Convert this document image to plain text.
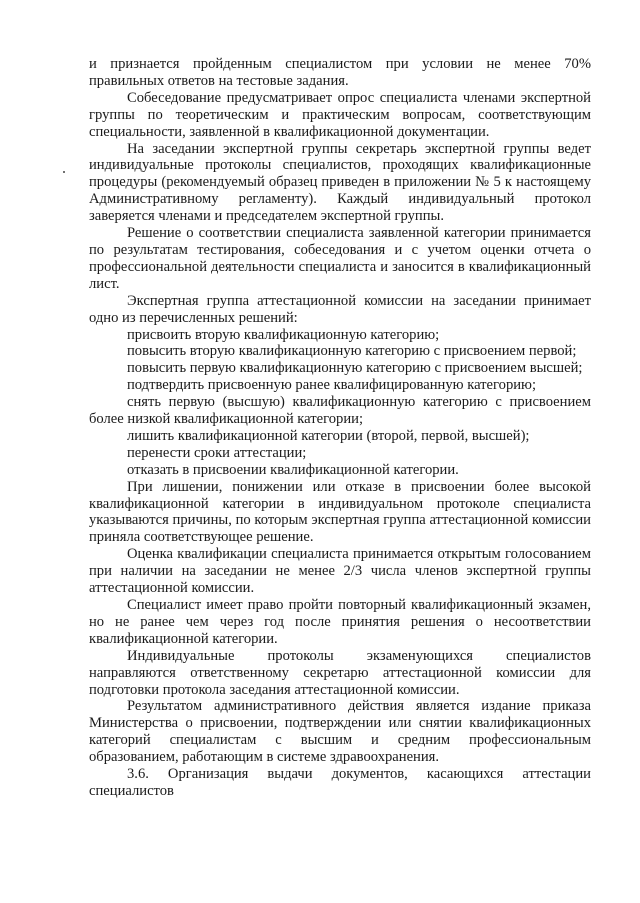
и признается пройденным специалистом при условии не менее 70% правильных ответов на тестовые задания.

Собеседование предусматривает опрос специалиста членами экспертной группы по теоретическим и практическим вопросам, соответствующим специальности, заявленной в квалификационной документации.

На заседании экспертной группы секретарь экспертной группы ведет индивидуальные протоколы специалистов, проходящих квалификационные процедуры (рекомендуемый образец приведен в приложении № 5 к настоящему Административному регламенту). Каждый индивидуальный протокол заверяется членами и председателем экспертной группы.

Решение о соответствии специалиста заявленной категории принимается по результатам тестирования, собеседования и с учетом оценки отчета о профессиональной деятельности специалиста и заносится в квалификационный лист.

Экспертная группа аттестационной комиссии на заседании принимает одно из перечисленных решений:

присвоить вторую квалификационную категорию;

повысить вторую квалификационную категорию с присвоением первой;

повысить первую квалификационную категорию с присвоением высшей;

подтвердить присвоенную ранее квалифицированную категорию;

снять первую (высшую) квалификационную категорию с присвоением более низкой квалификационной категории;

лишить квалификационной категории (второй, первой, высшей);

перенести сроки аттестации;

отказать в присвоении квалификационной категории.

При лишении, понижении или отказе в присвоении более высокой квалификационной категории в индивидуальном протоколе специалиста указываются причины, по которым экспертная группа аттестационной комиссии приняла соответствующее решение.

Оценка квалификации специалиста принимается открытым голосованием при наличии на заседании не менее 2/3 числа членов экспертной группы аттестационной комиссии.

Специалист имеет право пройти повторный квалификационный экзамен, но не ранее чем через год после принятия решения о несоответствии квалификационной категории.

Индивидуальные протоколы экзаменующихся специалистов направляются ответственному секретарю аттестационной комиссии для подготовки протокола заседания аттестационной комиссии.

Результатом административного действия является издание приказа Министерства о присвоении, подтверждении или снятии квалификационных категорий специалистам с высшим и средним профессиональным образованием, работающим в системе здравоохранения.

3.6. Организация выдачи документов, касающихся аттестации специалистов
